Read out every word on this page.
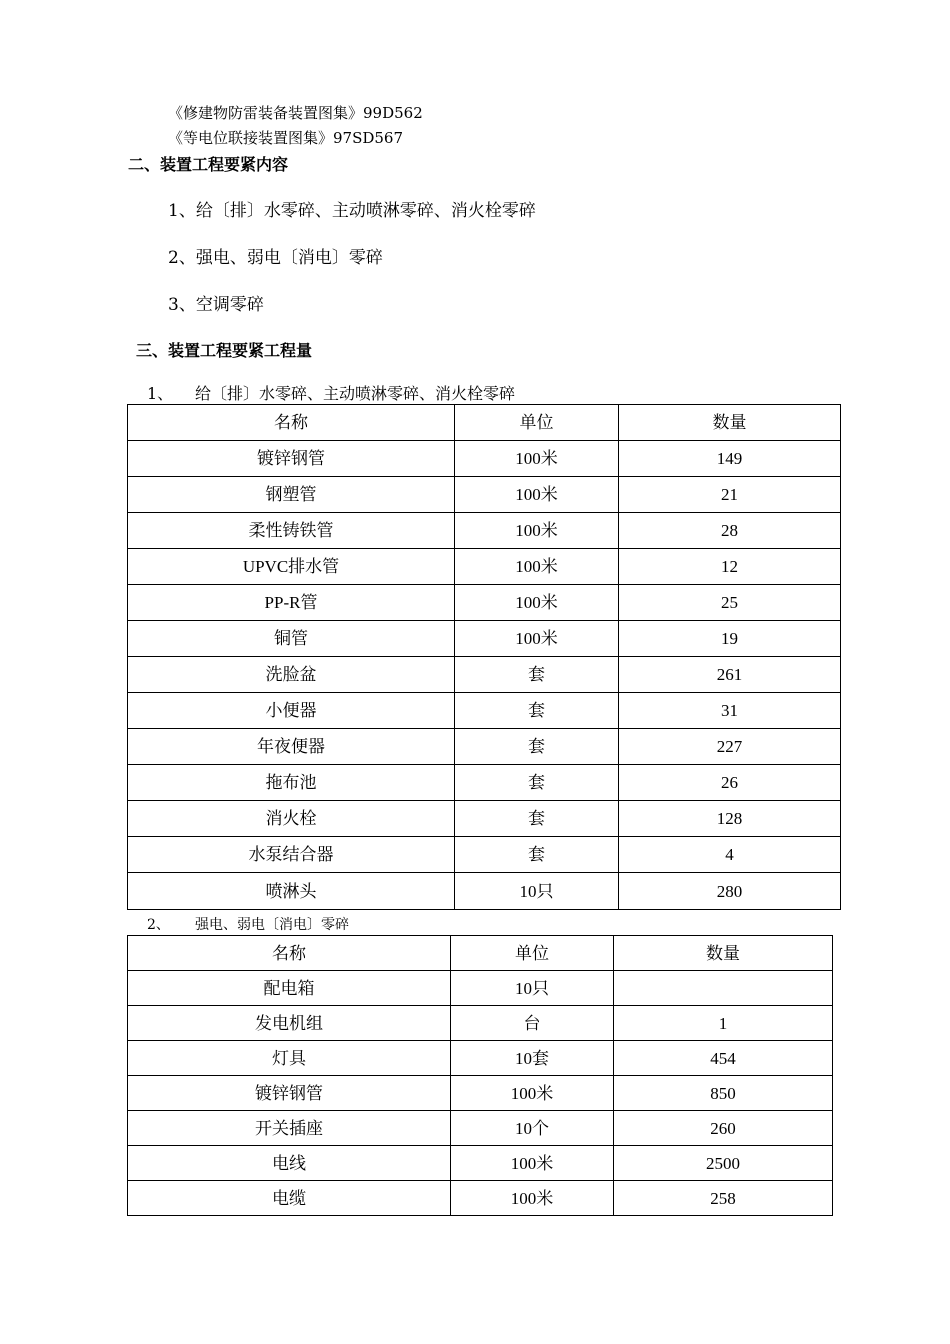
《修建物防雷装备装置图集》99D562
《等电位联接装置图集》97SD567
二、装置工程要紧内容
1、给〔排〕水零碎、主动喷淋零碎、消火栓零碎
2、强电、弱电〔消电〕零碎
3、空调零碎
三、装置工程要紧工程量
1、 给〔排〕水零碎、主动喷淋零碎、消火栓零碎
名称	单位	数量
镀锌钢管	100米	149
钢塑管	100米	21
柔性铸铁管	100米	28
UPVC排水管	100米	12
PP-R管	100米	25
铜管	100米	19
洗脸盆	套	261
小便器	套	31
年夜便器	套	227
拖布池	套	26
消火栓	套	128
水泵结合器	套	4
喷淋头	10只	280
2、 强电、弱电〔消电〕零碎
名称	单位	数量
配电箱	10只	
发电机组	台	1
灯具	10套	454
镀锌钢管	100米	850
开关插座	10个	260
电线	100米	2500
电缆	100米	258
